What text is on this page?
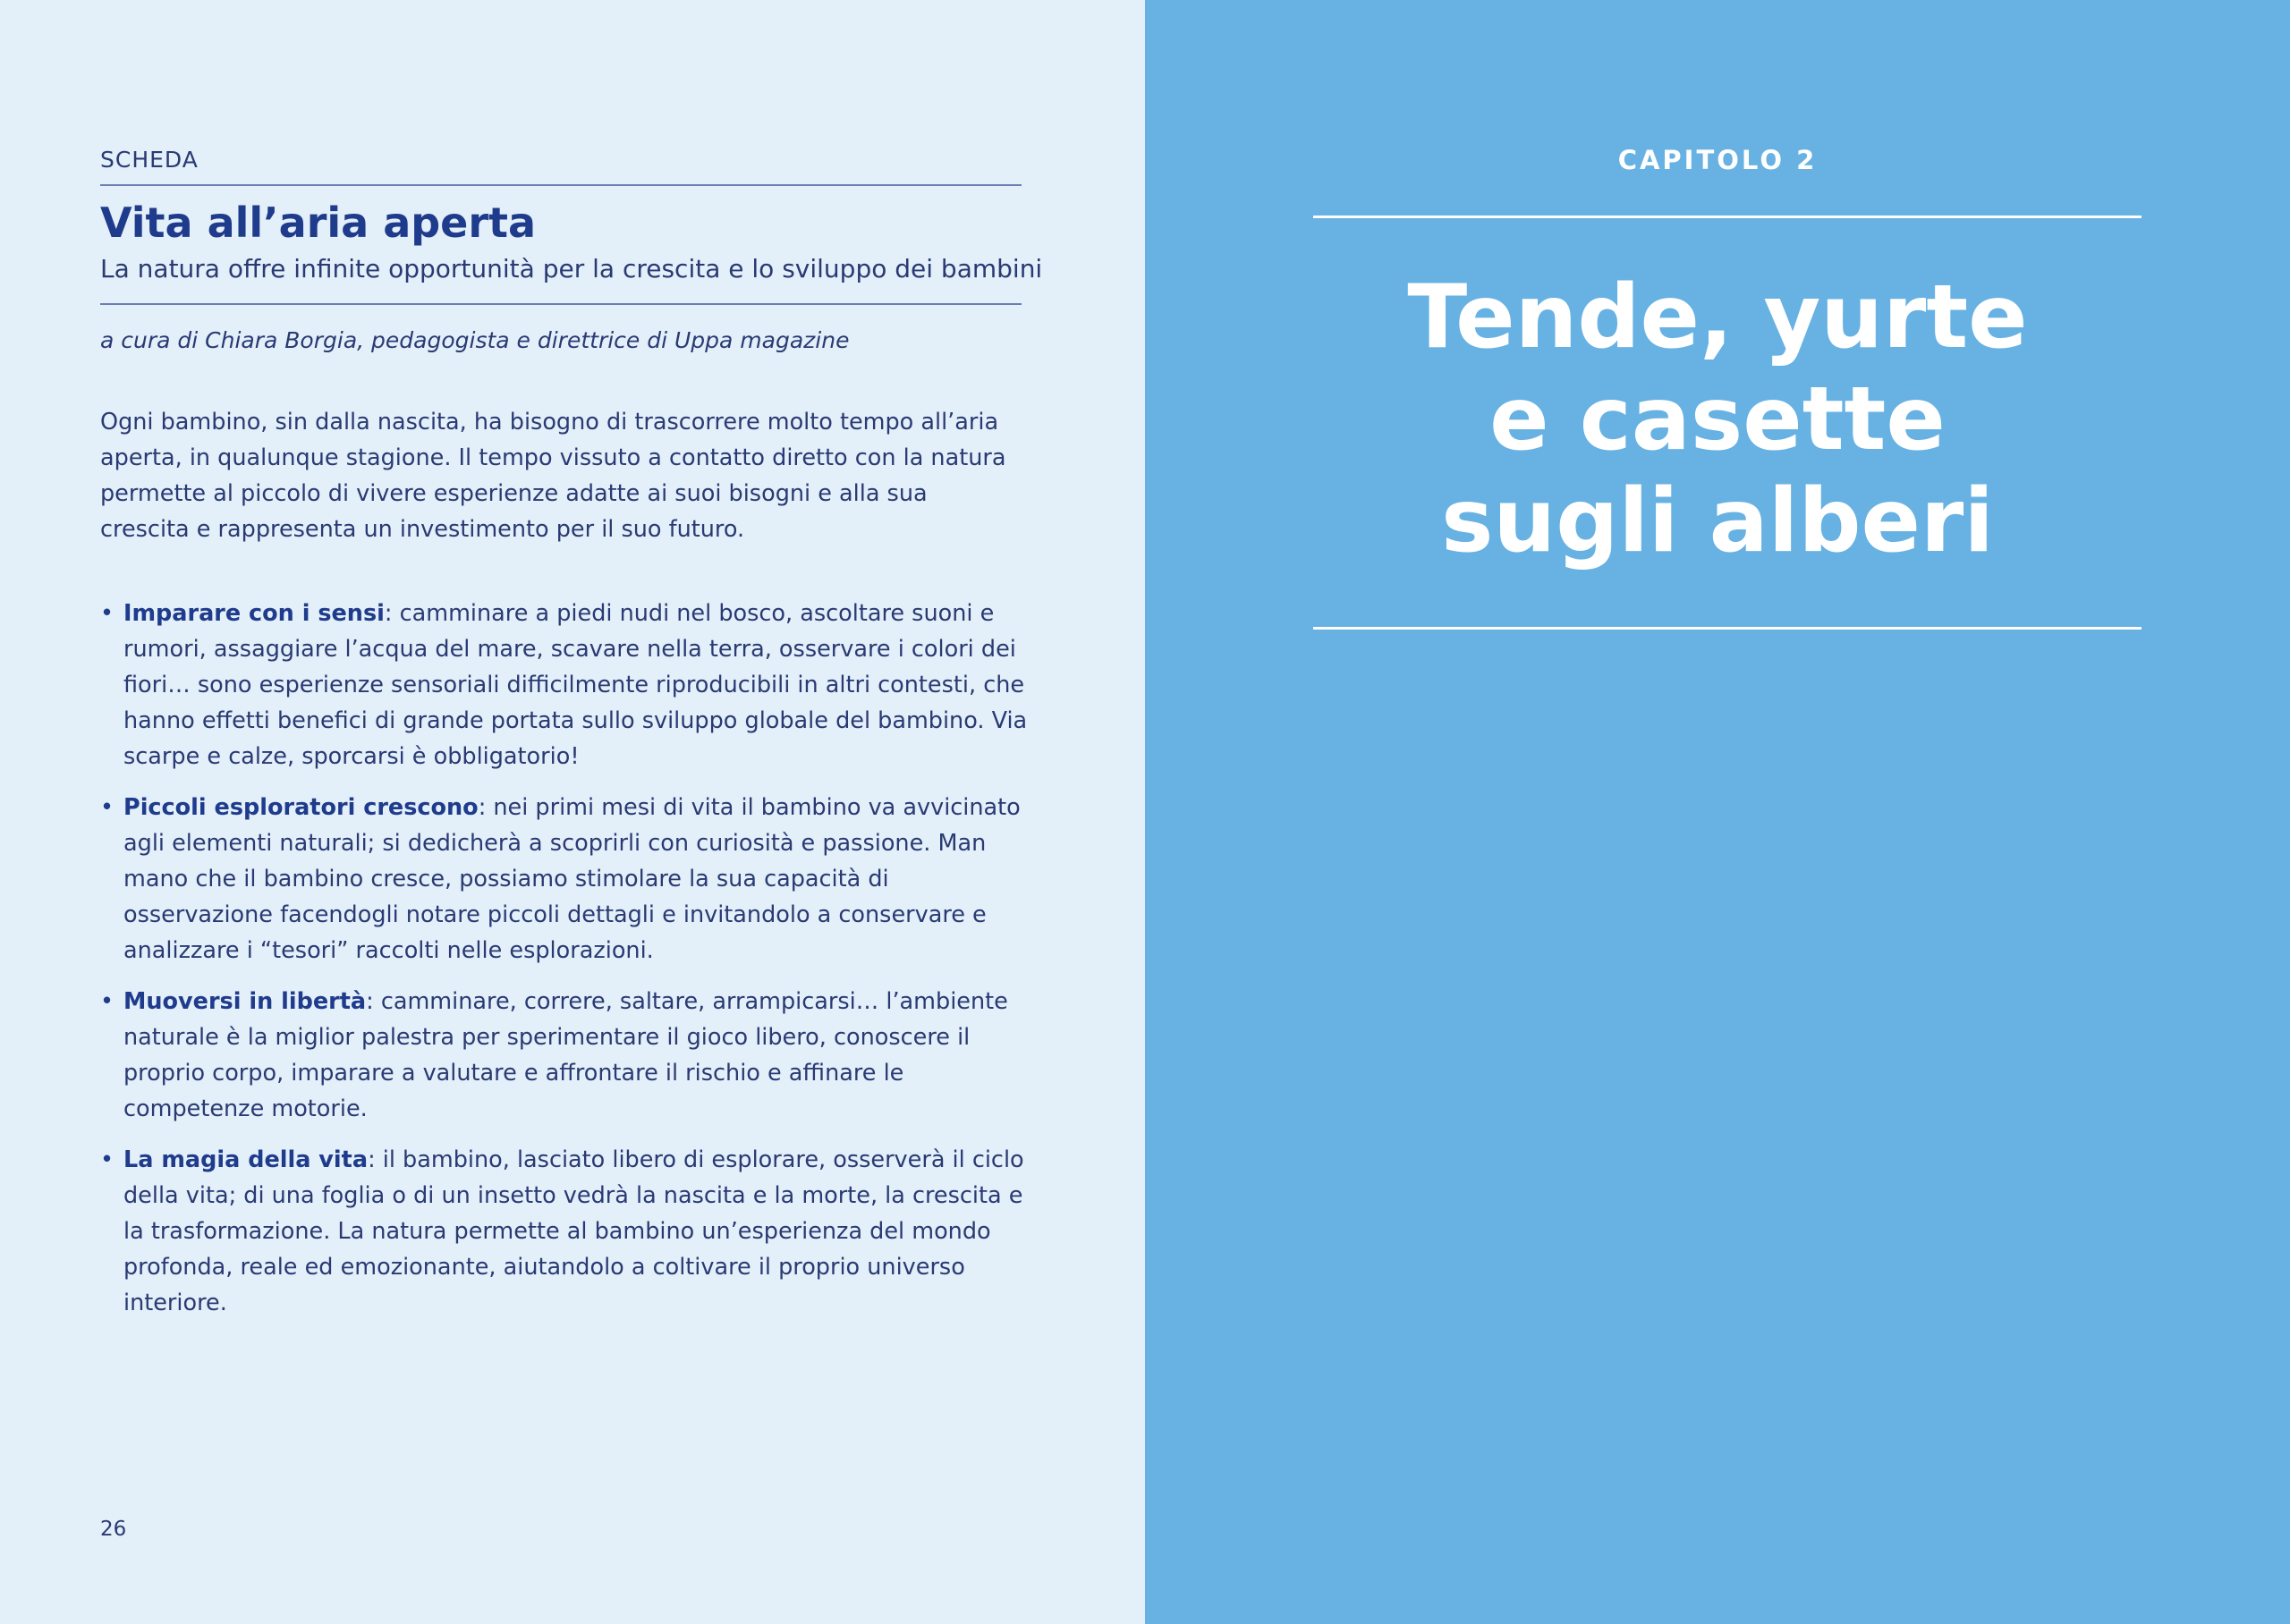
SCHEDA
Vita all’aria aperta
La natura offre infinite opportunità per la crescita e lo sviluppo dei bambini
a cura di Chiara Borgia, pedagogista e direttrice di Uppa magazine

Ogni bambino, sin dalla nascita, ha bisogno di trascorrere molto tempo all’aria aperta, in qualunque stagione. Il tempo vissuto a contatto diretto con la natura permette al piccolo di vivere esperienze adatte ai suoi bisogni e alla sua crescita e rappresenta un investimento per il suo futuro.

• Imparare con i sensi: camminare a piedi nudi nel bosco, ascoltare suoni e rumori, assaggiare l’acqua del mare, scavare nella terra, osservare i colori dei fiori… sono esperienze sensoriali difficilmente riproducibili in altri contesti, che hanno effetti benefici di grande portata sullo sviluppo globale del bambino. Via scarpe e calze, sporcarsi è obbligatorio!
• Piccoli esploratori crescono: nei primi mesi di vita il bambino va avvicinato agli elementi naturali; si dedicherà a scoprirli con curiosità e passione. Man mano che il bambino cresce, possiamo stimolare la sua capacità di osservazione facendogli notare piccoli dettagli e invitandolo a conservare e analizzare i “tesori” raccolti nelle esplorazioni.
• Muoversi in libertà: camminare, correre, saltare, arrampicarsi… l’ambiente naturale è la miglior palestra per sperimentare il gioco libero, conoscere il proprio corpo, imparare a valutare e affrontare il rischio e affinare le competenze motorie.
• La magia della vita: il bambino, lasciato libero di esplorare, osserverà il ciclo della vita; di una foglia o di un insetto vedrà la nascita e la morte, la crescita e la trasformazione. La natura permette al bambino un’esperienza del mondo profonda, reale ed emozionante, aiutandolo a coltivare il proprio universo interiore.
26
CAPITOLO 2
Tende, yurte
e casette
sugli alberi
